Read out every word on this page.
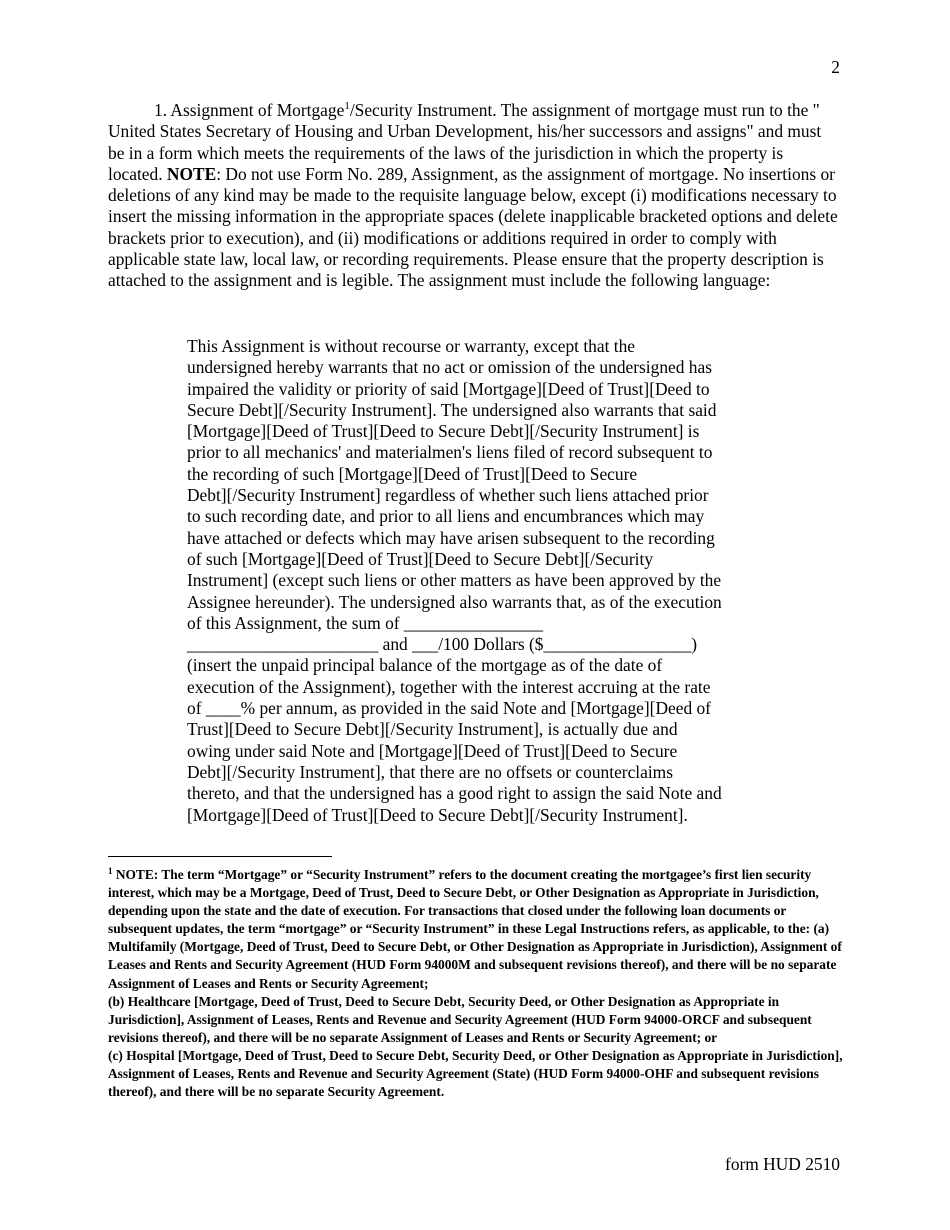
2

1. Assignment of Mortgage$^1$/Security Instrument. The assignment of mortgage must run to the " United States Secretary of Housing and Urban Development, his/her successors and assigns" and must be in a form which meets the requirements of the laws of the jurisdiction in which the property is located. NOTE: Do not use Form No. 289, Assignment, as the assignment of mortgage. No insertions or deletions of any kind may be made to the requisite language below, except (i) modifications necessary to insert the missing information in the appropriate spaces (delete inapplicable bracketed options and delete brackets prior to execution), and (ii) modifications or additions required in order to comply with applicable state law, local law, or recording requirements. Please ensure that the property description is attached to the assignment and is legible. The assignment must include the following language:

This Assignment is without recourse or warranty, except that the
undersigned hereby warrants that no act or omission of the undersigned has
impaired the validity or priority of said [Mortgage][Deed of Trust][Deed to
Secure Debt][/Security Instrument]. The undersigned also warrants that said
[Mortgage][Deed of Trust][Deed to Secure Debt][/Security Instrument] is
prior to all mechanics' and materialmen's liens filed of record subsequent to
the recording of such [Mortgage][Deed of Trust][Deed to Secure
Debt][/Security Instrument] regardless of whether such liens attached prior
to such recording date, and prior to all liens and encumbrances which may
have attached or defects which may have arisen subsequent to the recording
of such [Mortgage][Deed of Trust][Deed to Secure Debt][/Security
Instrument] (except such liens or other matters as have been approved by the
Assignee hereunder). The undersigned also warrants that, as of the execution
of this Assignment, the sum of ________________
______________________ and ___/100 Dollars ($_________________)
(insert the unpaid principal balance of the mortgage as of the date of
execution of the Assignment), together with the interest accruing at the rate
of ____% per annum, as provided in the said Note and [Mortgage][Deed of
Trust][Deed to Secure Debt][/Security Instrument], is actually due and
owing under said Note and [Mortgage][Deed of Trust][Deed to Secure
Debt][/Security Instrument], that there are no offsets or counterclaims
thereto, and that the undersigned has a good right to assign the said Note and
[Mortgage][Deed of Trust][Deed to Secure Debt][/Security Instrument].

$^1$ NOTE: The term “Mortgage” or “Security Instrument” refers to the document creating the mortgagee’s first lien security interest, which may be a Mortgage, Deed of Trust, Deed to Secure Debt, or Other Designation as Appropriate in Jurisdiction, depending upon the state and the date of execution. For transactions that closed under the following loan documents or subsequent updates, the term “mortgage” or “Security Instrument” in these Legal Instructions refers, as applicable, to the: (a) Multifamily (Mortgage, Deed of Trust, Deed to Secure Debt, or Other Designation as Appropriate in Jurisdiction), Assignment of Leases and Rents and Security Agreement (HUD Form 94000M and subsequent revisions thereof), and there will be no separate Assignment of Leases and Rents or Security Agreement;

(b) Healthcare [Mortgage, Deed of Trust, Deed to Secure Debt, Security Deed, or Other Designation as Appropriate in Jurisdiction], Assignment of Leases, Rents and Revenue and Security Agreement (HUD Form 94000-ORCF and subsequent revisions thereof), and there will be no separate Assignment of Leases and Rents or Security Agreement; or

(c) Hospital [Mortgage, Deed of Trust, Deed to Secure Debt, Security Deed, or Other Designation as Appropriate in Jurisdiction], Assignment of Leases, Rents and Revenue and Security Agreement (State) (HUD Form 94000-OHF and subsequent revisions thereof), and there will be no separate Security Agreement.

form HUD 2510
